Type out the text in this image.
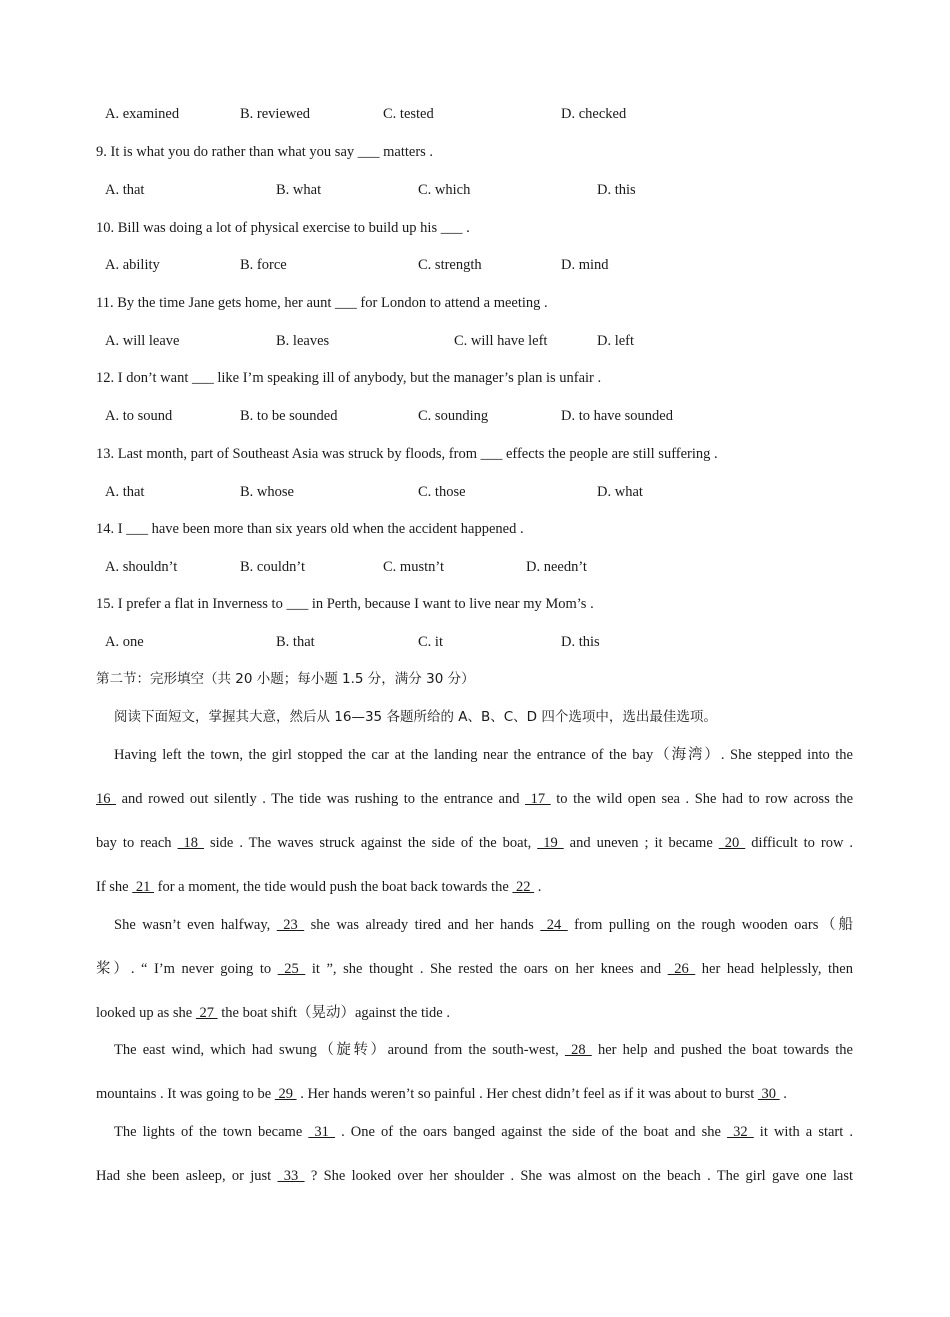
A. examined	B. reviewed	C. tested	D. checked
9. It is what you do rather than what you say ___ matters .
A. that	B. what	C. which	D. this
10. Bill was doing a lot of physical exercise to build up his ___ .
A. ability	B. force	C. strength	D. mind
11. By the time Jane gets home, her aunt ___ for London to attend a meeting .
A. will leave	B. leaves	C. will have left	D. left
12. I don’t want ___ like I’m speaking ill of anybody, but the manager’s plan is unfair .
A. to sound	B. to be sounded	C. sounding	D. to have sounded
13. Last month, part of Southeast Asia was struck by floods, from ___ effects the people are still suffering .
A. that	B. whose	C. those	D. what
14. I ___ have been more than six years old when the accident happened .
A. shouldn’t	B. couldn’t	C. mustn’t	D. needn’t
15. I prefer a flat in Inverness to ___ in Perth, because I want to live near my Mom’s .
A. one	B. that	C. it	D. this
第二节：完形填空（共 20 小题；每小题 1.5 分，满分 30 分）
阅读下面短文，掌握其大意，然后从 16—35 各题所给的 A、B、C、D 四个选项中，选出最佳选项。
Having left the town, the girl stopped the car at the landing near the entrance of the bay（海湾）. She stepped into the
16  and rowed out silently . The tide was rushing to the entrance and  17  to the wild open sea . She had to row across the
bay to reach  18  side . The waves struck against the side of the boat,  19  and uneven ; it became  20  difficult to row .
If she  21  for a moment, the tide would push the boat back towards the  22  .
She wasn’t even halfway,  23  she was already tired and her hands  24  from pulling on the rough wooden oars（船
桨）. “ I’m never going to  25  it ”, she thought . She rested the oars on her knees and  26  her head helplessly, then
looked up as she  27  the boat shift（晃动）against the tide .
The east wind, which had swung（旋转）around from the south-west,  28  her help and pushed the boat towards the
mountains . It was going to be  29  . Her hands weren’t so painful . Her chest didn’t feel as if it was about to burst  30  .
The lights of the town became  31  . One of the oars banged against the side of the boat and she  32  it with a start .
Had she been asleep, or just  33  ? She looked over her shoulder . She was almost on the beach . The girl gave one last
